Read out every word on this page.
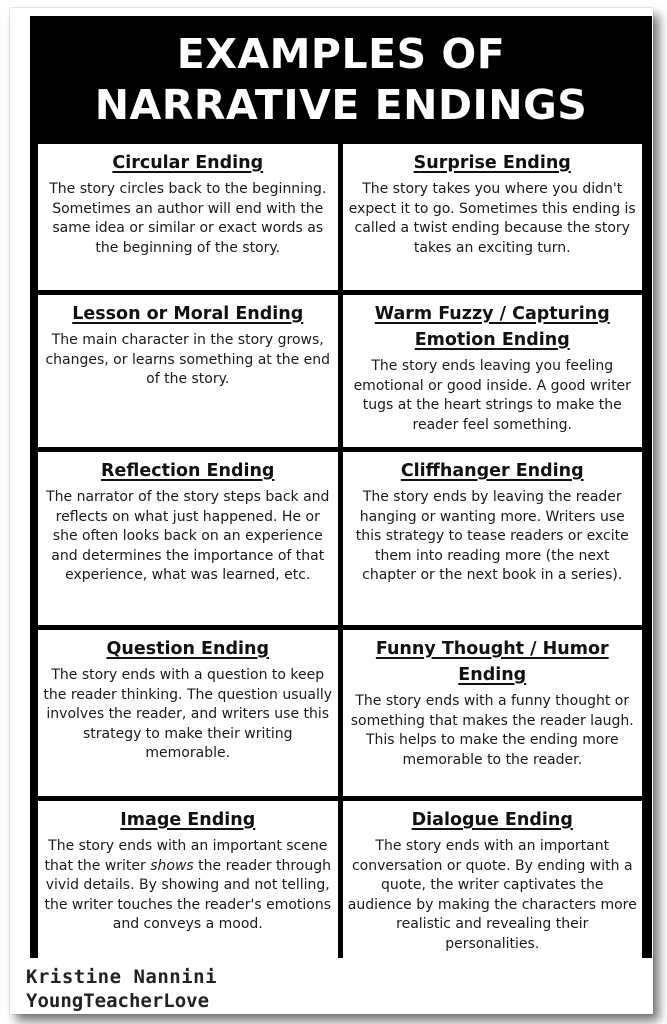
EXAMPLES OF
NARRATIVE ENDINGS
Circular Ending
The story circles back to the beginning. Sometimes an author will end with the same idea or similar or exact words as the beginning of the story.
Surprise Ending
The story takes you where you didn't expect it to go. Sometimes this ending is called a twist ending because the story takes an exciting turn.
Lesson or Moral Ending
The main character in the story grows, changes, or learns something at the end of the story.
Warm Fuzzy / Capturing Emotion Ending
The story ends leaving you feeling emotional or good inside. A good writer tugs at the heart strings to make the reader feel something.
Reflection Ending
The narrator of the story steps back and reflects on what just happened. He or she often looks back on an experience and determines the importance of that experience, what was learned, etc.
Cliffhanger Ending
The story ends by leaving the reader hanging or wanting more. Writers use this strategy to tease readers or excite them into reading more (the next chapter or the next book in a series).
Question Ending
The story ends with a question to keep the reader thinking. The question usually involves the reader, and writers use this strategy to make their writing memorable.
Funny Thought / Humor Ending
The story ends with a funny thought or something that makes the reader laugh. This helps to make the ending more memorable to the reader.
Image Ending
The story ends with an important scene that the writer shows the reader through vivid details. By showing and not telling, the writer touches the reader's emotions and conveys a mood.
Dialogue Ending
The story ends with an important conversation or quote. By ending with a quote, the writer captivates the audience by making the characters more realistic and revealing their personalities.
Kristine Nannini
YoungTeacherLove
